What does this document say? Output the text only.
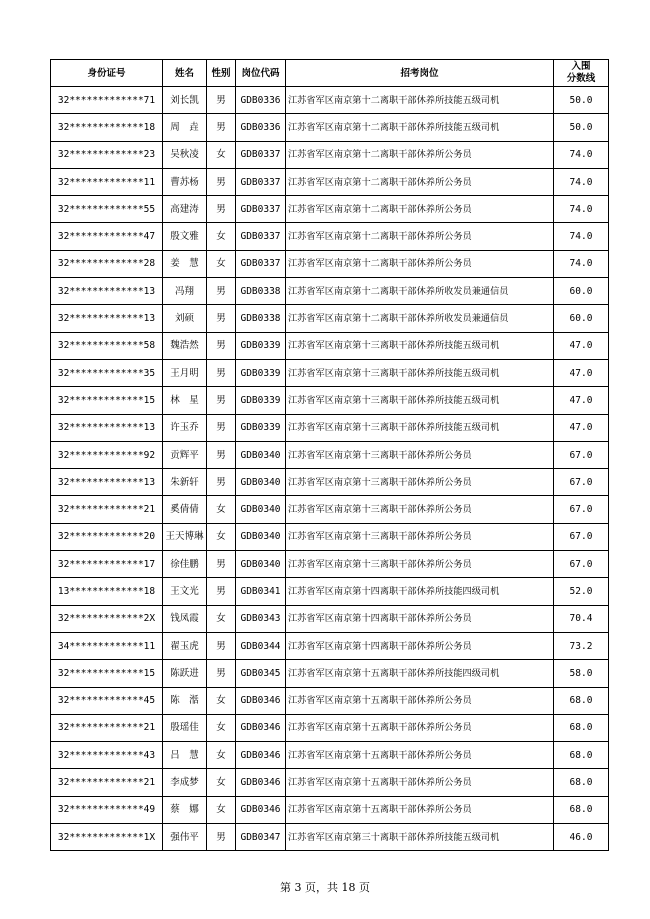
身份证号	姓名	性别	岗位代码	招考岗位	入围
分数线
32*************71	刘长凯	男	GDB0336	江苏省军区南京第十二离职干部休养所技能五级司机	50.0
32*************18	周　垚	男	GDB0336	江苏省军区南京第十二离职干部休养所技能五级司机	50.0
32*************23	吴秋凌	女	GDB0337	江苏省军区南京第十二离职干部休养所公务员	74.0
32*************11	曹苏杨	男	GDB0337	江苏省军区南京第十二离职干部休养所公务员	74.0
32*************55	高建涛	男	GDB0337	江苏省军区南京第十二离职干部休养所公务员	74.0
32*************47	殷文雅	女	GDB0337	江苏省军区南京第十二离职干部休养所公务员	74.0
32*************28	姜　慧	女	GDB0337	江苏省军区南京第十二离职干部休养所公务员	74.0
32*************13	冯翔	男	GDB0338	江苏省军区南京第十二离职干部休养所收发员兼通信员	60.0
32*************13	刘硕	男	GDB0338	江苏省军区南京第十二离职干部休养所收发员兼通信员	60.0
32*************58	魏浩然	男	GDB0339	江苏省军区南京第十三离职干部休养所技能五级司机	47.0
32*************35	王月明	男	GDB0339	江苏省军区南京第十三离职干部休养所技能五级司机	47.0
32*************15	林　星	男	GDB0339	江苏省军区南京第十三离职干部休养所技能五级司机	47.0
32*************13	许玉乔	男	GDB0339	江苏省军区南京第十三离职干部休养所技能五级司机	47.0
32*************92	贡辉平	男	GDB0340	江苏省军区南京第十三离职干部休养所公务员	67.0
32*************13	朱新轩	男	GDB0340	江苏省军区南京第十三离职干部休养所公务员	67.0
32*************21	奚倩倩	女	GDB0340	江苏省军区南京第十三离职干部休养所公务员	67.0
32*************20	王天博琳	女	GDB0340	江苏省军区南京第十三离职干部休养所公务员	67.0
32*************17	徐佳鹏	男	GDB0340	江苏省军区南京第十三离职干部休养所公务员	67.0
13*************18	王文光	男	GDB0341	江苏省军区南京第十四离职干部休养所技能四级司机	52.0
32*************2X	钱凤霞	女	GDB0343	江苏省军区南京第十四离职干部休养所公务员	70.4
34*************11	翟玉虎	男	GDB0344	江苏省军区南京第十四离职干部休养所公务员	73.2
32*************15	陈跃进	男	GDB0345	江苏省军区南京第十五离职干部休养所技能四级司机	58.0
32*************45	陈　湉	女	GDB0346	江苏省军区南京第十五离职干部休养所公务员	68.0
32*************21	殷瑶佳	女	GDB0346	江苏省军区南京第十五离职干部休养所公务员	68.0
32*************43	吕　慧	女	GDB0346	江苏省军区南京第十五离职干部休养所公务员	68.0
32*************21	李成梦	女	GDB0346	江苏省军区南京第十五离职干部休养所公务员	68.0
32*************49	蔡　娜	女	GDB0346	江苏省军区南京第十五离职干部休养所公务员	68.0
32*************1X	强伟平	男	GDB0347	江苏省军区南京第三十离职干部休养所技能五级司机	46.0
第 3 页，共 18 页
